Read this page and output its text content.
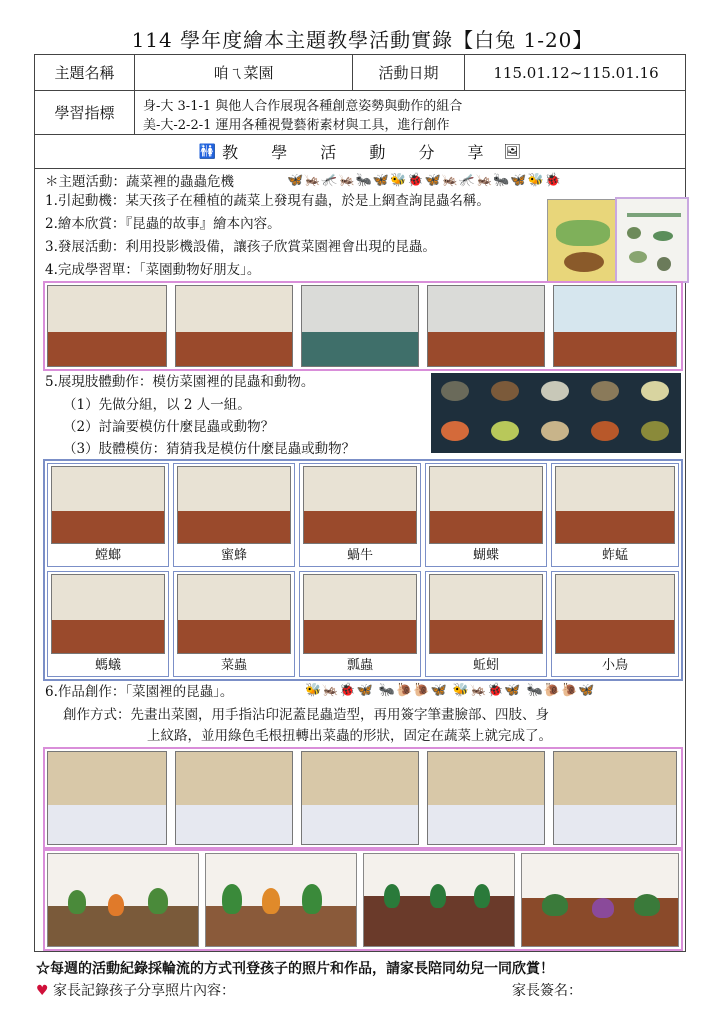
114 學年度繪本主題教學活動實錄【白兔 1-20】
主題名稱	咱ㄟ菜園	活動日期	115.01.12~115.01.16
學習指標	身-大 3-1-1 與他人合作展現各種創意姿勢與動作的組合
美-大-2-2-1 運用各種視覺藝術素材與工具，進行創作
🚻 教 學 活 動 分 享 🖼
＊主題活動：蔬菜裡的蟲蟲危機	🦋🦗🦟🦗🐜🦋🐝🐞🦋🦗🦟🦗🐜🦋🐝🐞
1.引起動機：某天孩子在種植的蔬菜上發現有蟲，於是上網查詢昆蟲名稱。
2.繪本欣賞：『昆蟲的故事』繪本內容。
3.發展活動：利用投影機設備，讓孩子欣賞菜園裡會出現的昆蟲。
4.完成學習單：「菜園動物好朋友」。
5.展現肢體動作：模仿菜園裡的昆蟲和動物。
（1）先做分組，以 2 人一組。
（2）討論要模仿什麼昆蟲或動物？
（3）肢體模仿：猜猜我是模仿什麼昆蟲或動物？
螳螂	蜜蜂	蝸牛	蝴蝶	蚱蜢
螞蟻	菜蟲	瓢蟲	蚯蚓	小鳥
6.作品創作：「菜園裡的昆蟲」。	🐝🦗🐞🦋 🐜🐌🐌🦋 🐝🦗🐞🦋 🐜🐌🐌🦋
創作方式：先畫出菜園，用手指沾印泥蓋昆蟲造型，再用簽字筆畫臉部、四肢、身
上紋路，並用綠色毛根扭轉出菜蟲的形狀，固定在蔬菜上就完成了。
☆每週的活動紀錄採輪流的方式刊登孩子的照片和作品，請家長陪同幼兒一同欣賞！
♥ 家長記錄孩子分享照片內容：	家長簽名：
